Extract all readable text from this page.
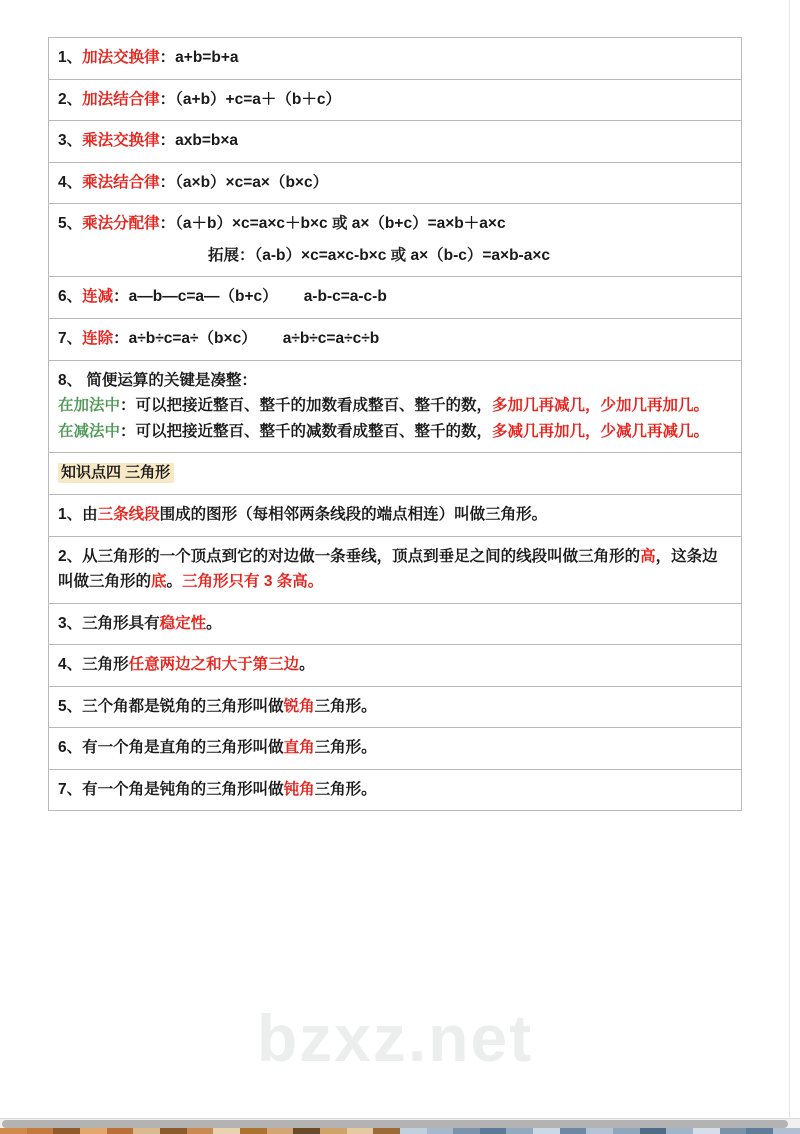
bzxz.net
1、加法交换律：a+b=b+a
2、加法结合律：（a+b）+c=a＋（b＋c）
3、乘法交换律：axb=b×a
4、乘法结合律：（a×b）×c=a×（b×c）
5、乘法分配律：（a＋b）×c=a×c＋b×c 或 a×（b+c）=a×b＋a×c
拓展：（a-b）×c=a×c-b×c 或 a×（b-c）=a×b-a×c

6、连减：a—b—c=a—（b+c） a-b-c=a-c-b
7、连除：a÷b÷c=a÷（b×c） a÷b÷c=a÷c÷b

8、 简便运算的关键是凑整：
在加法中：可以把接近整百、整千的加数看成整百、整千的数，多加几再减几，少加几再加几。
在减法中：可以把接近整百、整千的减数看成整百、整千的数，多减几再加几，少减几再减几。

知识点四 三角形
1、由三条线段围成的图形（每相邻两条线段的端点相连）叫做三角形。
2、从三角形的一个顶点到它的对边做一条垂线，顶点到垂足之间的线段叫做三角形的高，这条边叫做三角形的底。三角形只有 3 条高。
3、三角形具有稳定性。
4、三角形任意两边之和大于第三边。
5、三个角都是锐角的三角形叫做锐角三角形。
6、有一个角是直角的三角形叫做直角三角形。
7、有一个角是钝角的三角形叫做钝角三角形。
